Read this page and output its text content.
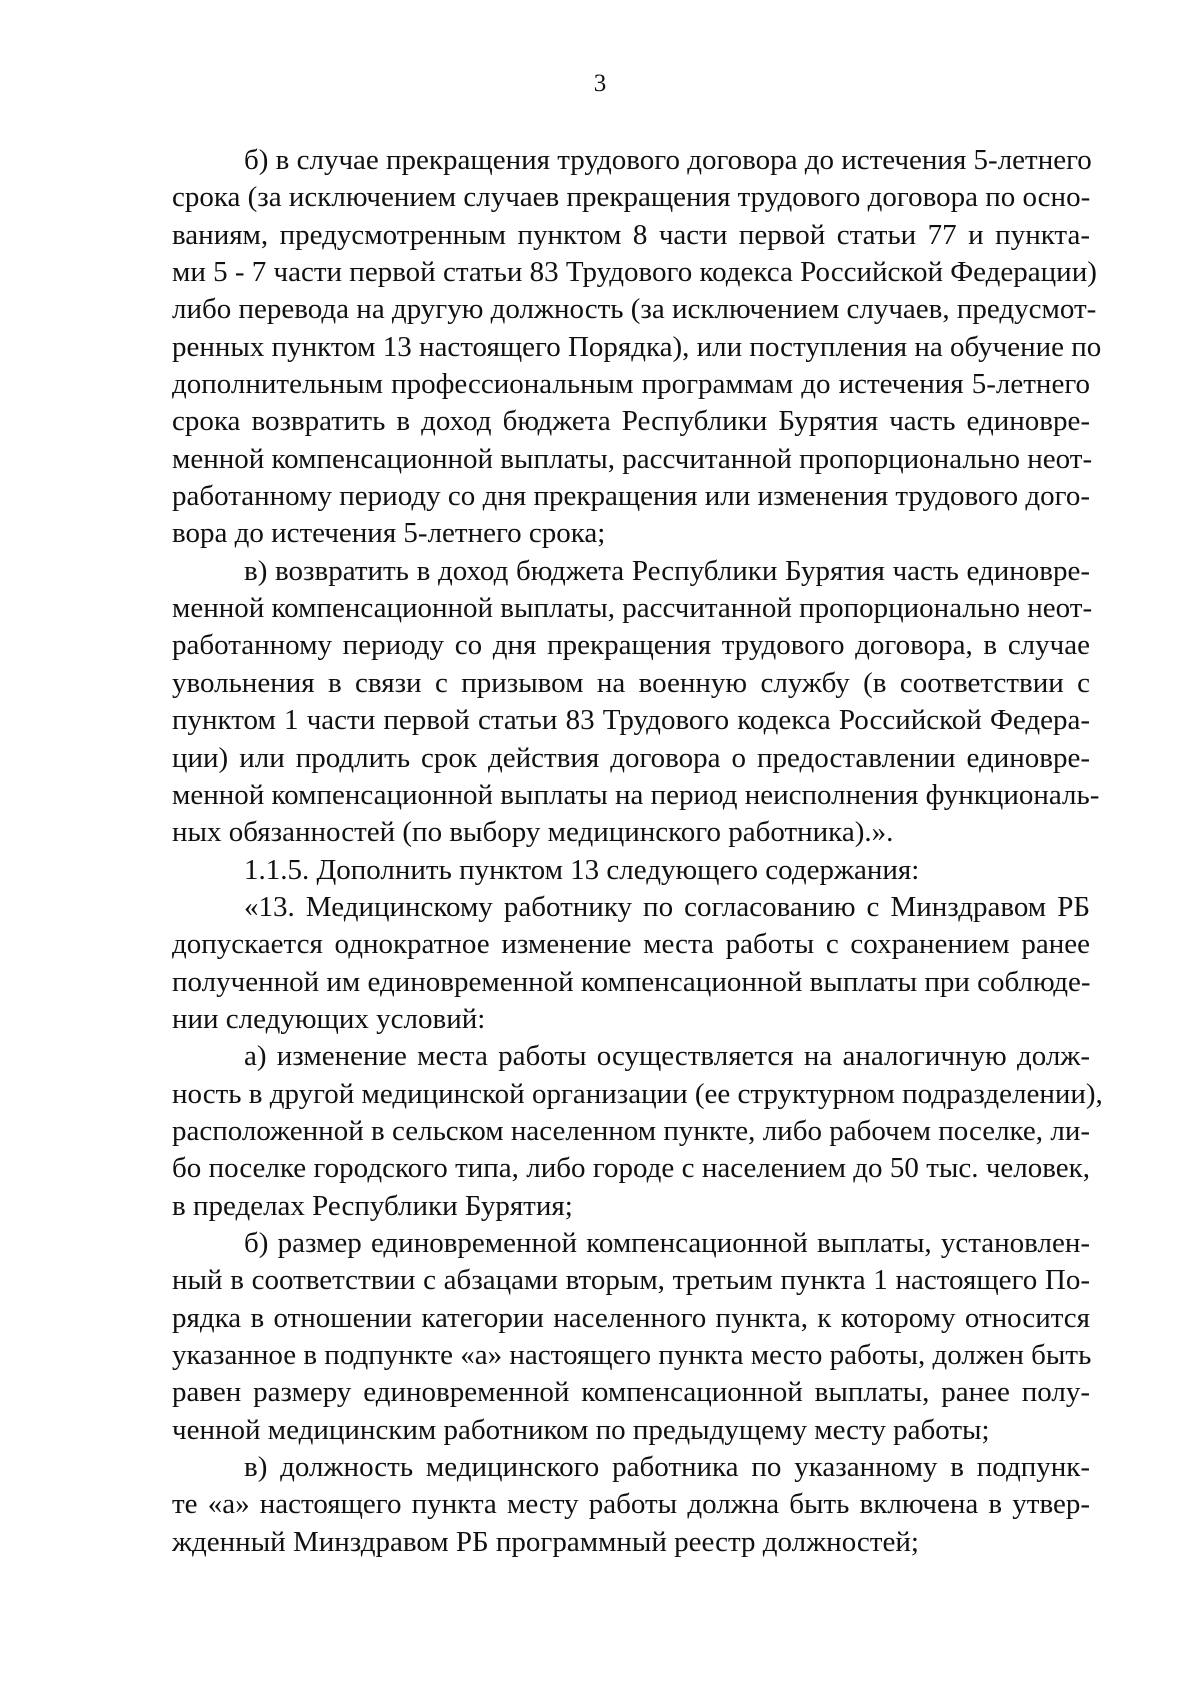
3
б) в случае прекращения трудового договора до истечения 5-летнего
срока (за исключением случаев прекращения трудового договора по осно-
ваниям, предусмотренным пунктом 8 части первой статьи 77 и пункта-
ми 5 - 7 части первой статьи 83 Трудового кодекса Российской Федерации)
либо перевода на другую должность (за исключением случаев, предусмот-
ренных пунктом 13 настоящего Порядка), или поступления на обучение по
дополнительным профессиональным программам до истечения 5-летнего
срока возвратить в доход бюджета Республики Бурятия часть единовре-
менной компенсационной выплаты, рассчитанной пропорционально неот-
работанному периоду со дня прекращения или изменения трудового дого-
вора до истечения 5-летнего срока;
в) возвратить в доход бюджета Республики Бурятия часть единовре-
менной компенсационной выплаты, рассчитанной пропорционально неот-
работанному периоду со дня прекращения трудового договора, в случае
увольнения в связи с призывом на военную службу (в соответствии с
пунктом 1 части первой статьи 83 Трудового кодекса Российской Федера-
ции) или продлить срок действия договора о предоставлении единовре-
менной компенсационной выплаты на период неисполнения функциональ-
ных обязанностей (по выбору медицинского работника).».
1.1.5. Дополнить пунктом 13 следующего содержания:
«13. Медицинскому работнику по согласованию с Минздравом РБ
допускается однократное изменение места работы с сохранением ранее
полученной им единовременной компенсационной выплаты при соблюде-
нии следующих условий:
а) изменение места работы осуществляется на аналогичную долж-
ность в другой медицинской организации (ее структурном подразделении),
расположенной в сельском населенном пункте, либо рабочем поселке, ли-
бо поселке городского типа, либо городе с населением до 50 тыс. человек,
в пределах Республики Бурятия;
б) размер единовременной компенсационной выплаты, установлен-
ный в соответствии с абзацами вторым, третьим пункта 1 настоящего По-
рядка в отношении категории населенного пункта, к которому относится
указанное в подпункте «а» настоящего пункта место работы, должен быть
равен размеру единовременной компенсационной выплаты, ранее полу-
ченной медицинским работником по предыдущему месту работы;
в) должность медицинского работника по указанному в подпунк-
те «а» настоящего пункта месту работы должна быть включена в утвер-
жденный Минздравом РБ программный реестр должностей;
